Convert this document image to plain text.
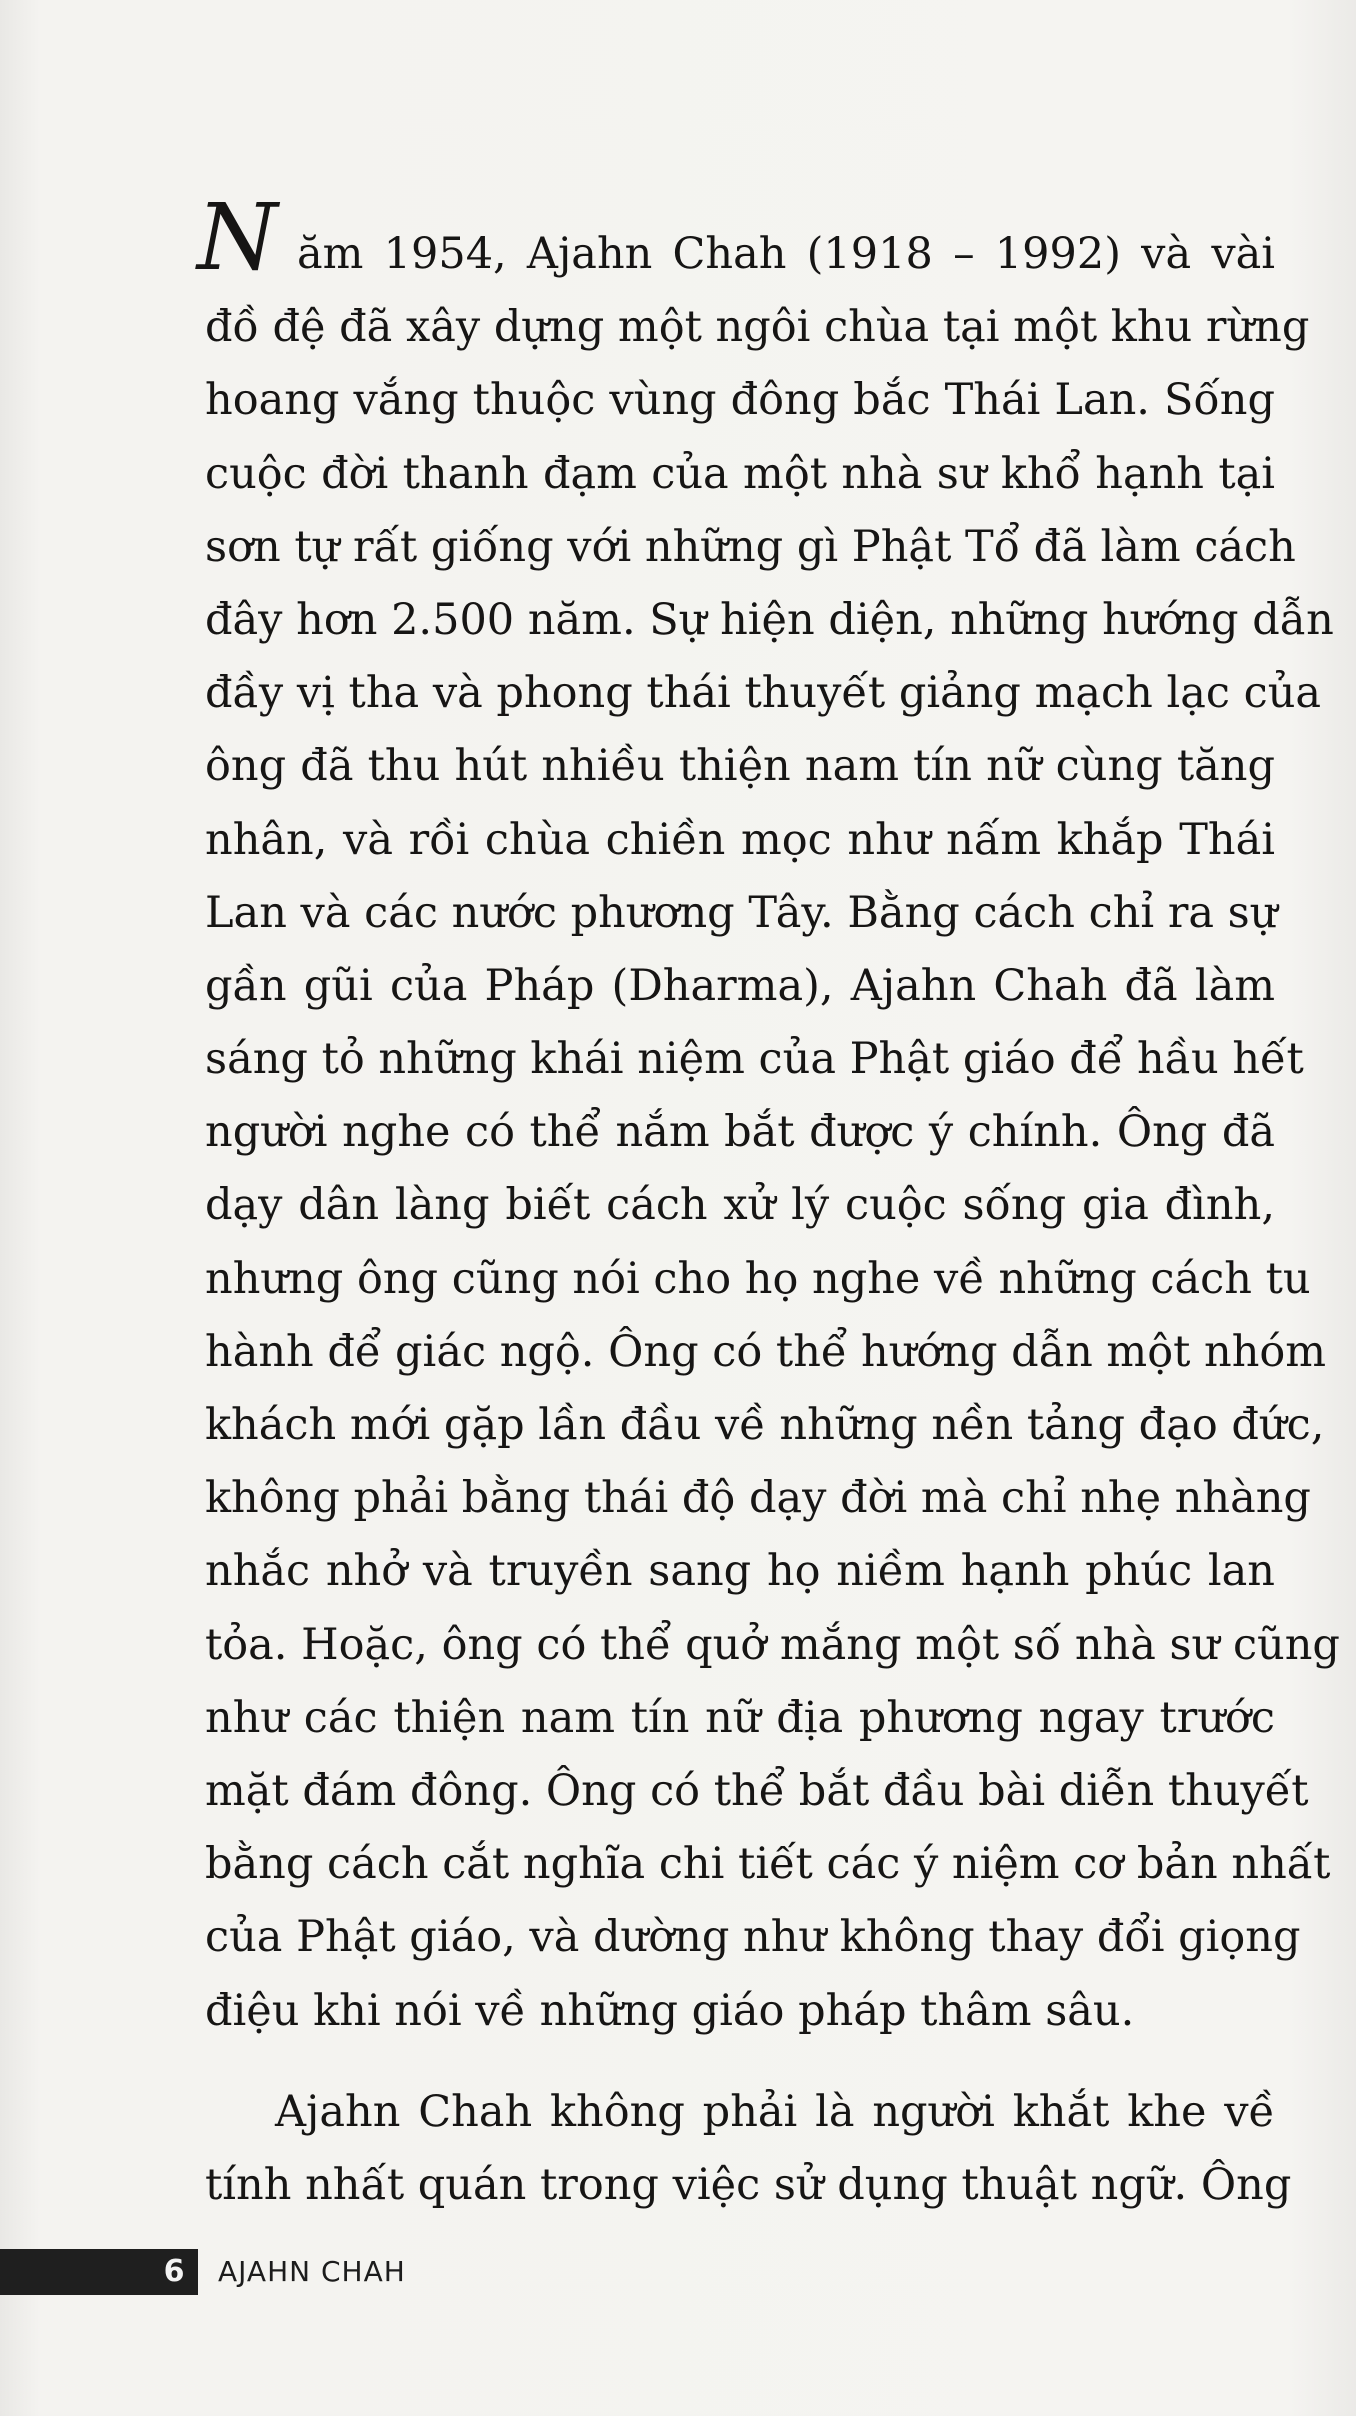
N ăm 1954, Ajahn Chah (1918 – 1992) và vài
đồ đệ đã xây dựng một ngôi chùa tại một khu rừng
hoang vắng thuộc vùng đông bắc Thái Lan. Sống
cuộc đời thanh đạm của một nhà sư khổ hạnh tại
sơn tự rất giống với những gì Phật Tổ đã làm cách
đây hơn 2.500 năm. Sự hiện diện, những hướng dẫn
đầy vị tha và phong thái thuyết giảng mạch lạc của
ông đã thu hút nhiều thiện nam tín nữ cùng tăng
nhân, và rồi chùa chiền mọc như nấm khắp Thái
Lan và các nước phương Tây. Bằng cách chỉ ra sự
gần gũi của Pháp (Dharma), Ajahn Chah đã làm
sáng tỏ những khái niệm của Phật giáo để hầu hết
người nghe có thể nắm bắt được ý chính. Ông đã
dạy dân làng biết cách xử lý cuộc sống gia đình,
nhưng ông cũng nói cho họ nghe về những cách tu
hành để giác ngộ. Ông có thể hướng dẫn một nhóm
khách mới gặp lần đầu về những nền tảng đạo đức,
không phải bằng thái độ dạy đời mà chỉ nhẹ nhàng
nhắc nhở và truyền sang họ niềm hạnh phúc lan
tỏa. Hoặc, ông có thể quở mắng một số nhà sư cũng
như các thiện nam tín nữ địa phương ngay trước
mặt đám đông. Ông có thể bắt đầu bài diễn thuyết
bằng cách cắt nghĩa chi tiết các ý niệm cơ bản nhất
của Phật giáo, và dường như không thay đổi giọng
điệu khi nói về những giáo pháp thâm sâu.
Ajahn Chah không phải là người khắt khe về
tính nhất quán trong việc sử dụng thuật ngữ. Ông
6	AJAHN CHAH
